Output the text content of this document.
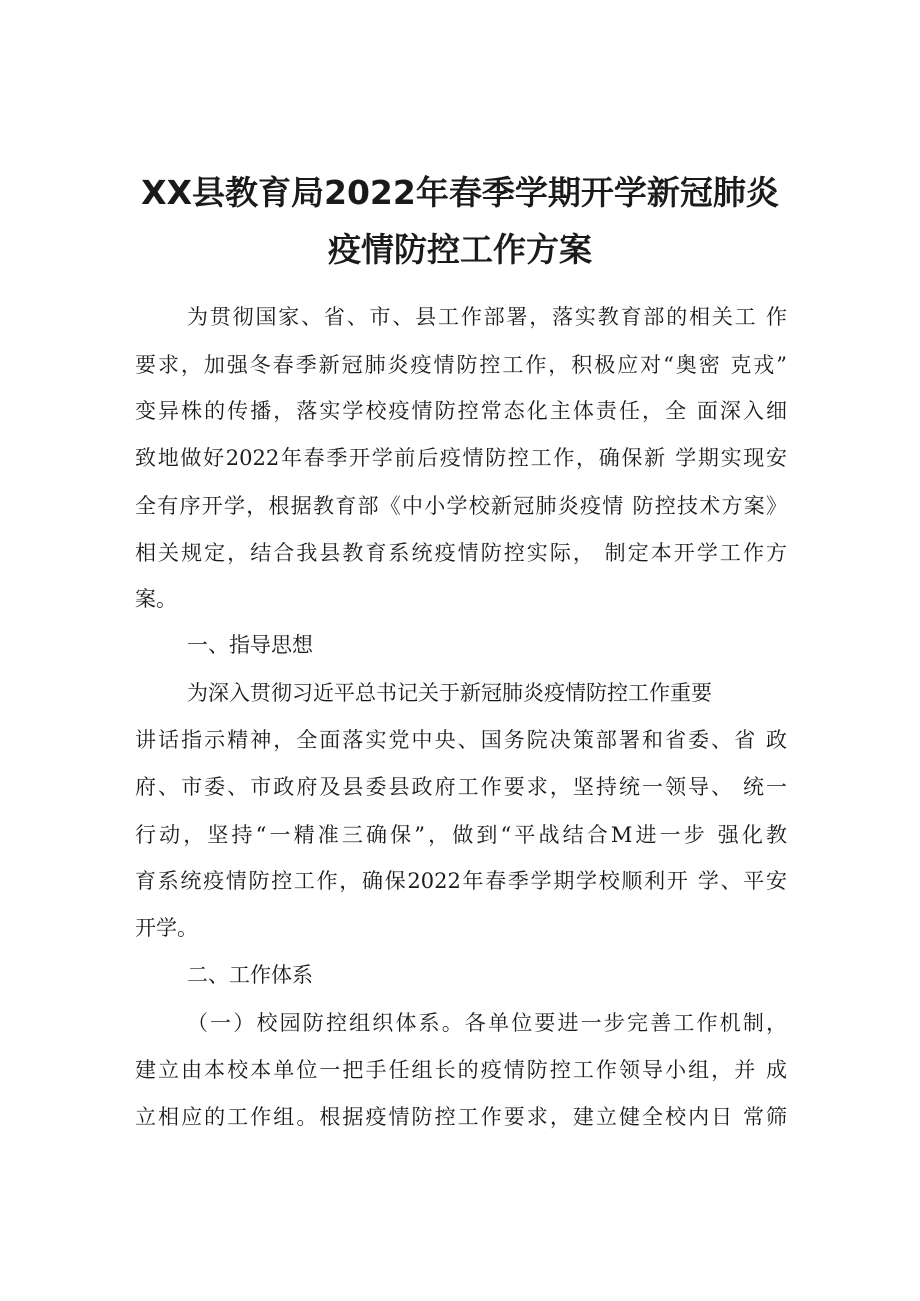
XX县教育局2022年春季学期开学新冠肺炎
疫情防控工作方案
为贯彻国家、省、市、县工作部署，落实教育部的相关工 作
要求，加强冬春季新冠肺炎疫情防控工作，积极应对“奥密 克戎”
变异株的传播，落实学校疫情防控常态化主体责任，全 面深入细
致地做好2022年春季开学前后疫情防控工作，确保新 学期实现安
全有序开学，根据教育部《中小学校新冠肺炎疫情 防控技术方案》
相关规定，结合我县教育系统疫情防控实际， 制定本开学工作方
案。
一、指导思想
为深入贯彻习近平总书记关于新冠肺炎疫情防控工作重要
讲话指示精神，全面落实党中央、国务院决策部署和省委、省 政
府、市委、市政府及县委县政府工作要求，坚持统一领导、 统一
行动，坚持“一精准三确保”，做到“平战结合M进一步 强化教
育系统疫情防控工作，确保2022年春季学期学校顺利开 学、平安
开学。
二、工作体系
（一）校园防控组织体系。各单位要进一步完善工作机制，
建立由本校本单位一把手任组长的疫情防控工作领导小组，并 成
立相应的工作组。根据疫情防控工作要求，建立健全校内日 常筛
